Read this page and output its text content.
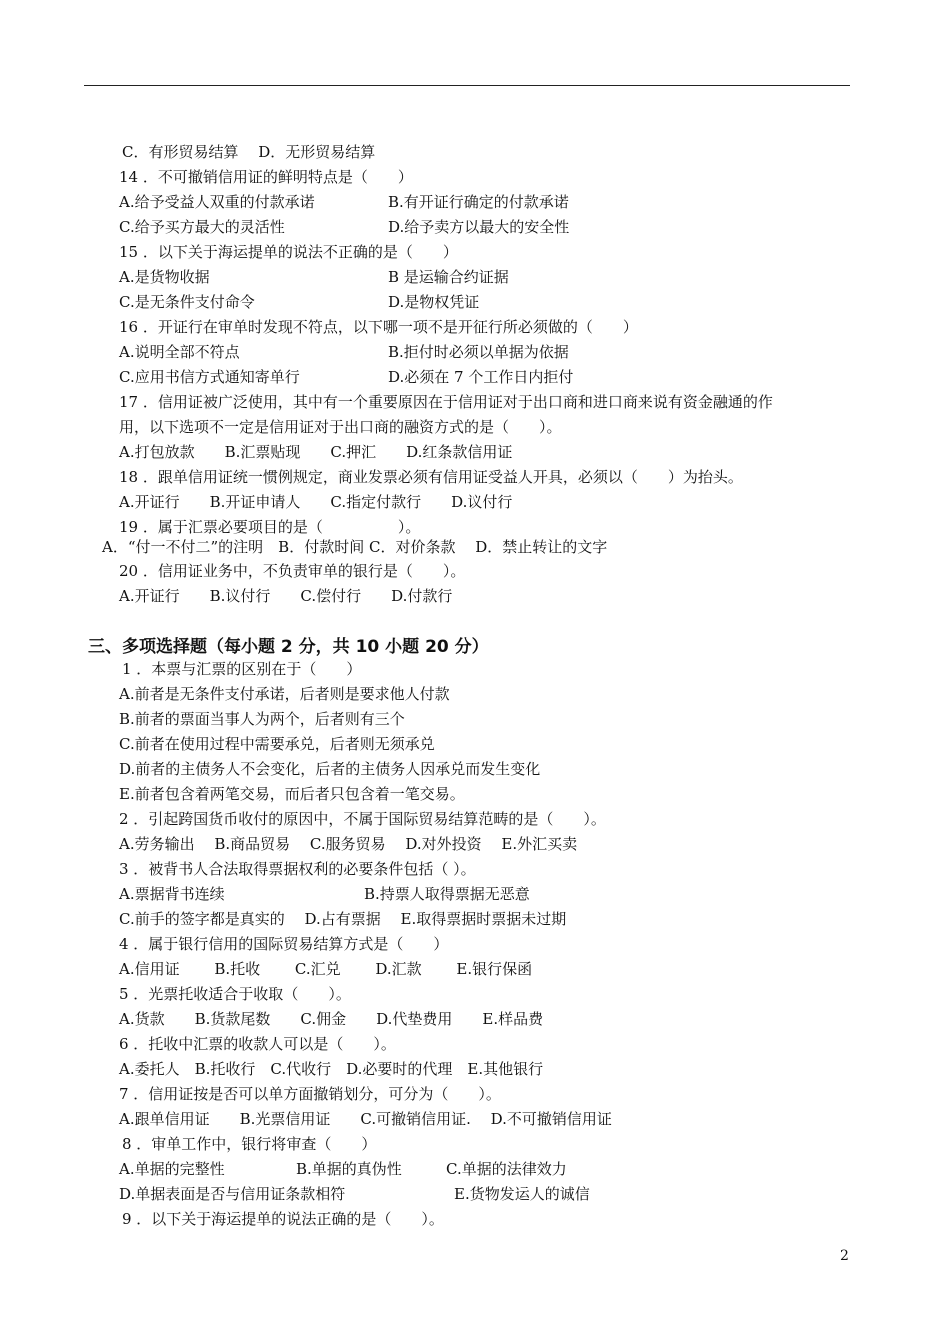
C．有形贸易结算　 D．无形贸易结算
14 ．不可撤销信用证的鲜明特点是（　　）
A.给予受益人双重的付款承诺	B.有开证行确定的付款承诺
C.给予买方最大的灵活性	D.给予卖方以最大的安全性
15 ．以下关于海运提单的说法不正确的是（　　）
A.是货物收据	B 是运输合约证据
C.是无条件支付命令	D.是物权凭证
16 ．开证行在审单时发现不符点，以下哪一项不是开征行所必须做的（　　）
A.说明全部不符点	B.拒付时必须以单据为依据
C.应用书信方式通知寄单行	D.必须在 7 个工作日内拒付
17 ．信用证被广泛使用，其中有一个重要原因在于信用证对于出口商和进口商来说有资金融通的作
用，以下选项不一定是信用证对于出口商的融资方式的是（　　）。
A.打包放款　　B.汇票贴现　　C.押汇　　D.红条款信用证
18 ．跟单信用证统一惯例规定，商业发票必须有信用证受益人开具，必须以（　　）为抬头。
A.开证行　　B.开证申请人　　C.指定付款行　　D.议付行
19 ．属于汇票必要项目的是（　　　　　）。
A．“付一不付二”的注明　B．付款时间 C．对价条款　 D．禁止转让的文字
20 ．信用证业务中，不负责审单的银行是（　　）。
A.开证行　　B.议付行　　C.偿付行　　D.付款行
三、多项选择题（每小题 2 分，共 10 小题 20 分）
1 ．本票与汇票的区别在于（　　）
A.前者是无条件支付承诺，后者则是要求他人付款
B.前者的票面当事人为两个，后者则有三个
C.前者在使用过程中需要承兑，后者则无须承兑
D.前者的主债务人不会变化，后者的主债务人因承兑而发生变化
E.前者包含着两笔交易，而后者只包含着一笔交易。
2 ．引起跨国货币收付的原因中，不属于国际贸易结算范畴的是（　　）。
A.劳务输出　 B.商品贸易　 C.服务贸易　 D.对外投资　 E.外汇买卖
3 ．被背书人合法取得票据权利的必要条件包括（ ）。
A.票据背书连续	B.持票人取得票据无恶意
C.前手的签字都是真实的　 D.占有票据　 E.取得票据时票据未过期
4 ．属于银行信用的国际贸易结算方式是（　　）
A.信用证　　 B.托收　　 C.汇兑　　 D.汇款　　 E.银行保函
5 ．光票托收适合于收取（　　）。
A.货款　　B.货款尾数　　C.佣金　　D.代垫费用　　E.样品费
6 ．托收中汇票的收款人可以是（　　）。
A.委托人　B.托收行　C.代收行　D.必要时的代理　E.其他银行
7 ．信用证按是否可以单方面撤销划分，可分为（　　）。
A.跟单信用证　　B.光票信用证　　C.可撤销信用证.　 D.不可撤销信用证
8 ．审单工作中，银行将审查（　　）
A.单据的完整性	B.单据的真伪性	C.单据的法律效力
D.单据表面是否与信用证条款相符	E.货物发运人的诚信
9 ．以下关于海运提单的说法正确的是（　　）。
2
